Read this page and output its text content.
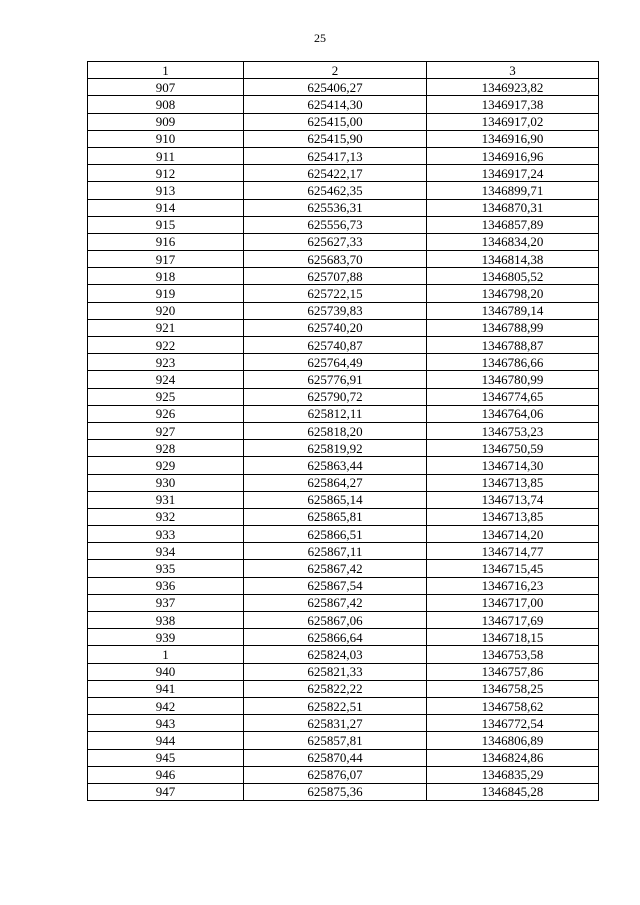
25
1	2	3
907	625406,27	1346923,82
908	625414,30	1346917,38
909	625415,00	1346917,02
910	625415,90	1346916,90
911	625417,13	1346916,96
912	625422,17	1346917,24
913	625462,35	1346899,71
914	625536,31	1346870,31
915	625556,73	1346857,89
916	625627,33	1346834,20
917	625683,70	1346814,38
918	625707,88	1346805,52
919	625722,15	1346798,20
920	625739,83	1346789,14
921	625740,20	1346788,99
922	625740,87	1346788,87
923	625764,49	1346786,66
924	625776,91	1346780,99
925	625790,72	1346774,65
926	625812,11	1346764,06
927	625818,20	1346753,23
928	625819,92	1346750,59
929	625863,44	1346714,30
930	625864,27	1346713,85
931	625865,14	1346713,74
932	625865,81	1346713,85
933	625866,51	1346714,20
934	625867,11	1346714,77
935	625867,42	1346715,45
936	625867,54	1346716,23
937	625867,42	1346717,00
938	625867,06	1346717,69
939	625866,64	1346718,15
1	625824,03	1346753,58
940	625821,33	1346757,86
941	625822,22	1346758,25
942	625822,51	1346758,62
943	625831,27	1346772,54
944	625857,81	1346806,89
945	625870,44	1346824,86
946	625876,07	1346835,29
947	625875,36	1346845,28
